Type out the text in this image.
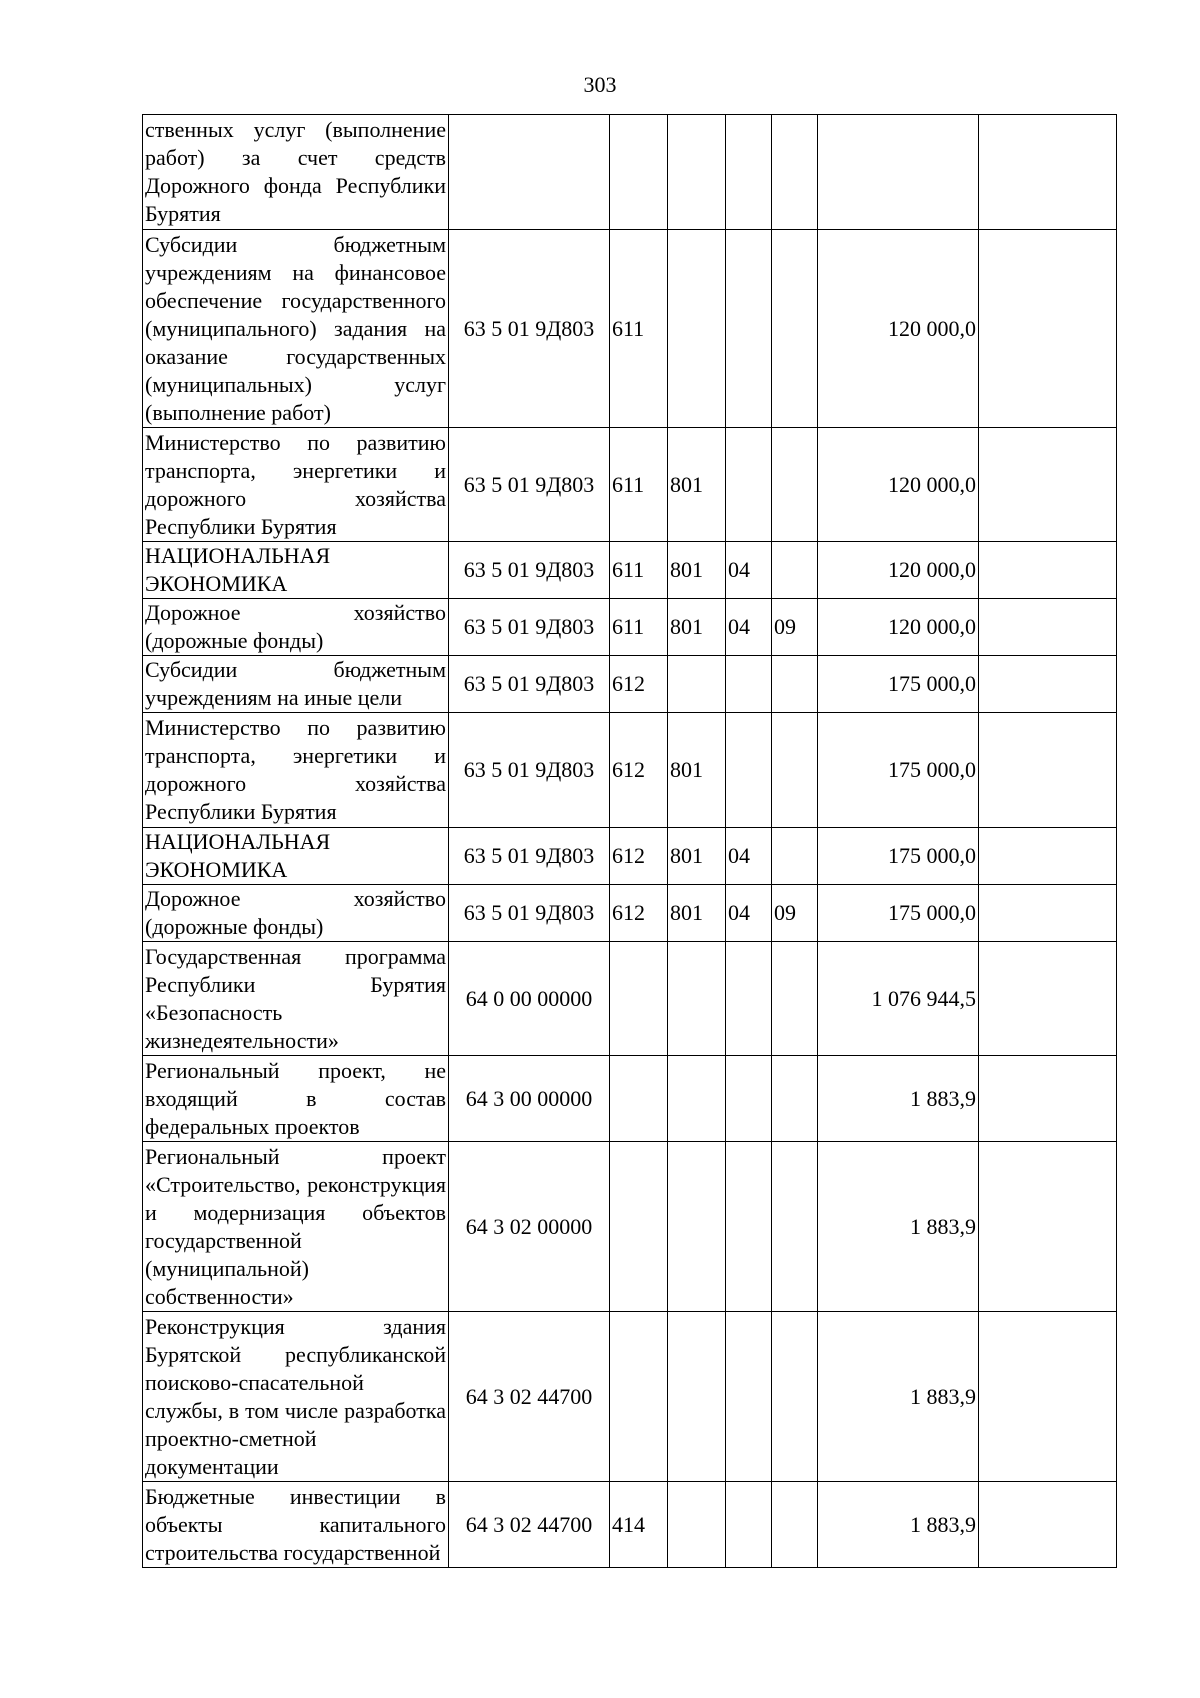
303
ственных услуг (выполнение работ) за счет средств Дорожного фонда Республики Бурятия							
Субсидии бюджетным учреждениям на финансовое обеспечение государственного (муниципального) задания на оказание государственных (муниципальных) услуг (выполнение работ)	63 5 01 9Д803	611				120 000,0	
Министерство по развитию транспорта, энергетики и дорожного хозяйства Республики Бурятия	63 5 01 9Д803	611	801			120 000,0	
НАЦИОНАЛЬНАЯ ЭКОНОМИКА	63 5 01 9Д803	611	801	04		120 000,0	
Дорожное хозяйство (дорожные фонды)	63 5 01 9Д803	611	801	04	09	120 000,0	
Субсидии бюджетным учреждениям на иные цели	63 5 01 9Д803	612				175 000,0	
Министерство по развитию транспорта, энергетики и дорожного хозяйства Республики Бурятия	63 5 01 9Д803	612	801			175 000,0	
НАЦИОНАЛЬНАЯ ЭКОНОМИКА	63 5 01 9Д803	612	801	04		175 000,0	
Дорожное хозяйство (дорожные фонды)	63 5 01 9Д803	612	801	04	09	175 000,0	
Государственная программа Республики Бурятия «Безопасность жизнедеятельности»	64 0 00 00000					1 076 944,5	
Региональный проект, не входящий в состав федеральных проектов	64 3 00 00000					1 883,9	
Региональный проект «Строительство, реконструкция и модернизация объектов государственной (муниципальной) собственности»	64 3 02 00000					1 883,9	
Реконструкция здания Бурятской республиканской поисково-спасательной службы, в том числе разработка проектно-сметной документации	64 3 02 44700					1 883,9	
Бюджетные инвестиции в объекты капитального строительства государственной	64 3 02 44700	414				1 883,9	
